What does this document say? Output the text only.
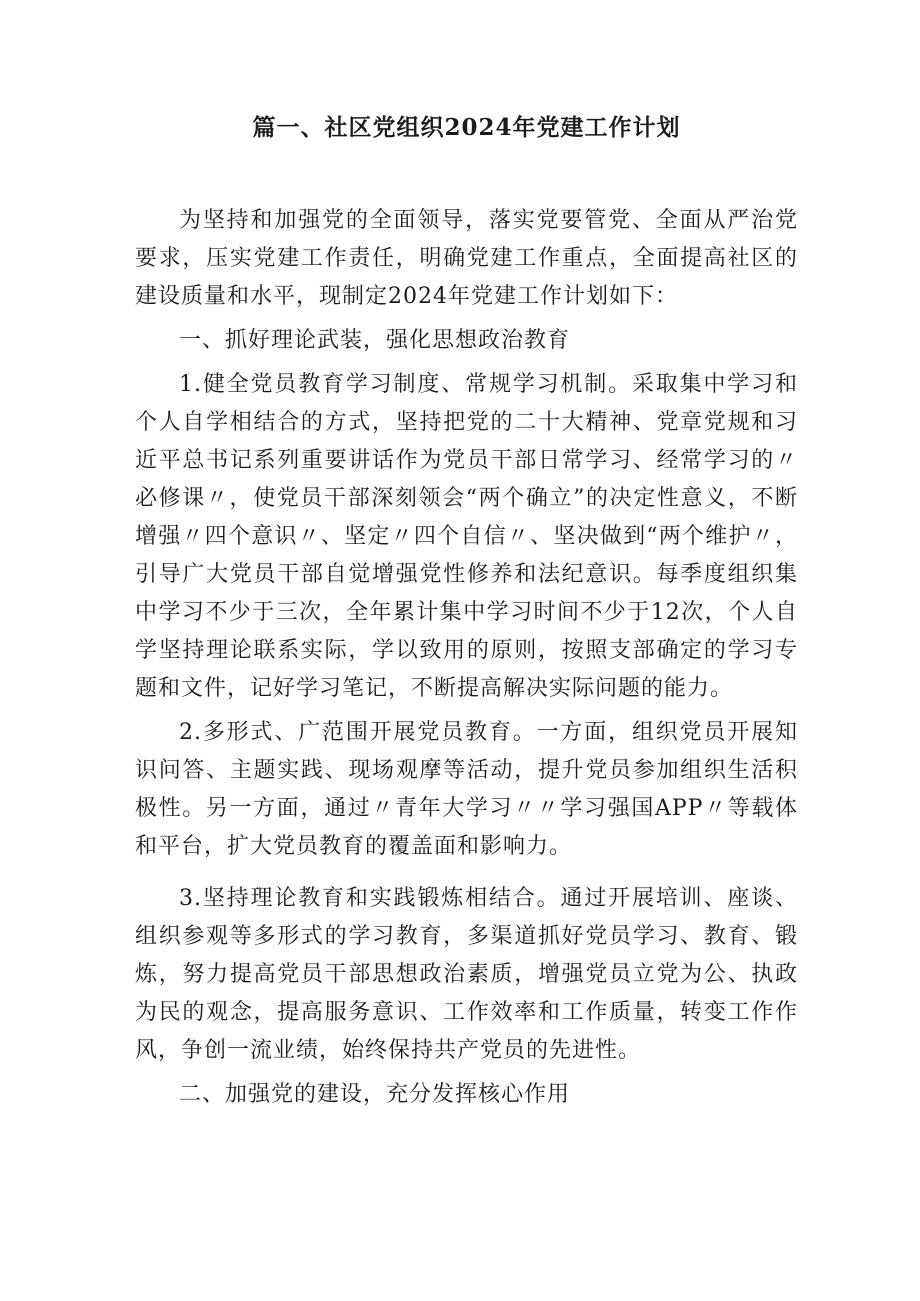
篇一、社区党组织2024年党建工作计划

为坚持和加强党的全面领导，落实党要管党、全面从严治党要求，压实党建工作责任，明确党建工作重点，全面提高社区的建设质量和水平，现制定2024年党建工作计划如下：

一、抓好理论武装，强化思想政治教育

1.健全党员教育学习制度、常规学习机制。采取集中学习和个人自学相结合的方式，坚持把党的二十大精神、党章党规和习近平总书记系列重要讲话作为党员干部日常学习、经常学习的〃必修课〃，使党员干部深刻领会“两个确立”的决定性意义，不断增强〃四个意识〃、坚定〃四个自信〃、坚决做到“两个维护〃，引导广大党员干部自觉增强党性修养和法纪意识。每季度组织集中学习不少于三次，全年累计集中学习时间不少于12次，个人自学坚持理论联系实际，学以致用的原则，按照支部确定的学习专题和文件，记好学习笔记，不断提高解决实际问题的能力。

2.多形式、广范围开展党员教育。一方面，组织党员开展知识问答、主题实践、现场观摩等活动，提升党员参加组织生活积极性。另一方面，通过〃青年大学习〃〃学习强国APP〃等载体和平台，扩大党员教育的覆盖面和影响力。

3.坚持理论教育和实践锻炼相结合。通过开展培训、座谈、组织参观等多形式的学习教育，多渠道抓好党员学习、教育、锻炼，努力提高党员干部思想政治素质，增强党员立党为公、执政为民的观念，提高服务意识、工作效率和工作质量，转变工作作风，争创一流业绩，始终保持共产党员的先进性。

二、加强党的建设，充分发挥核心作用
